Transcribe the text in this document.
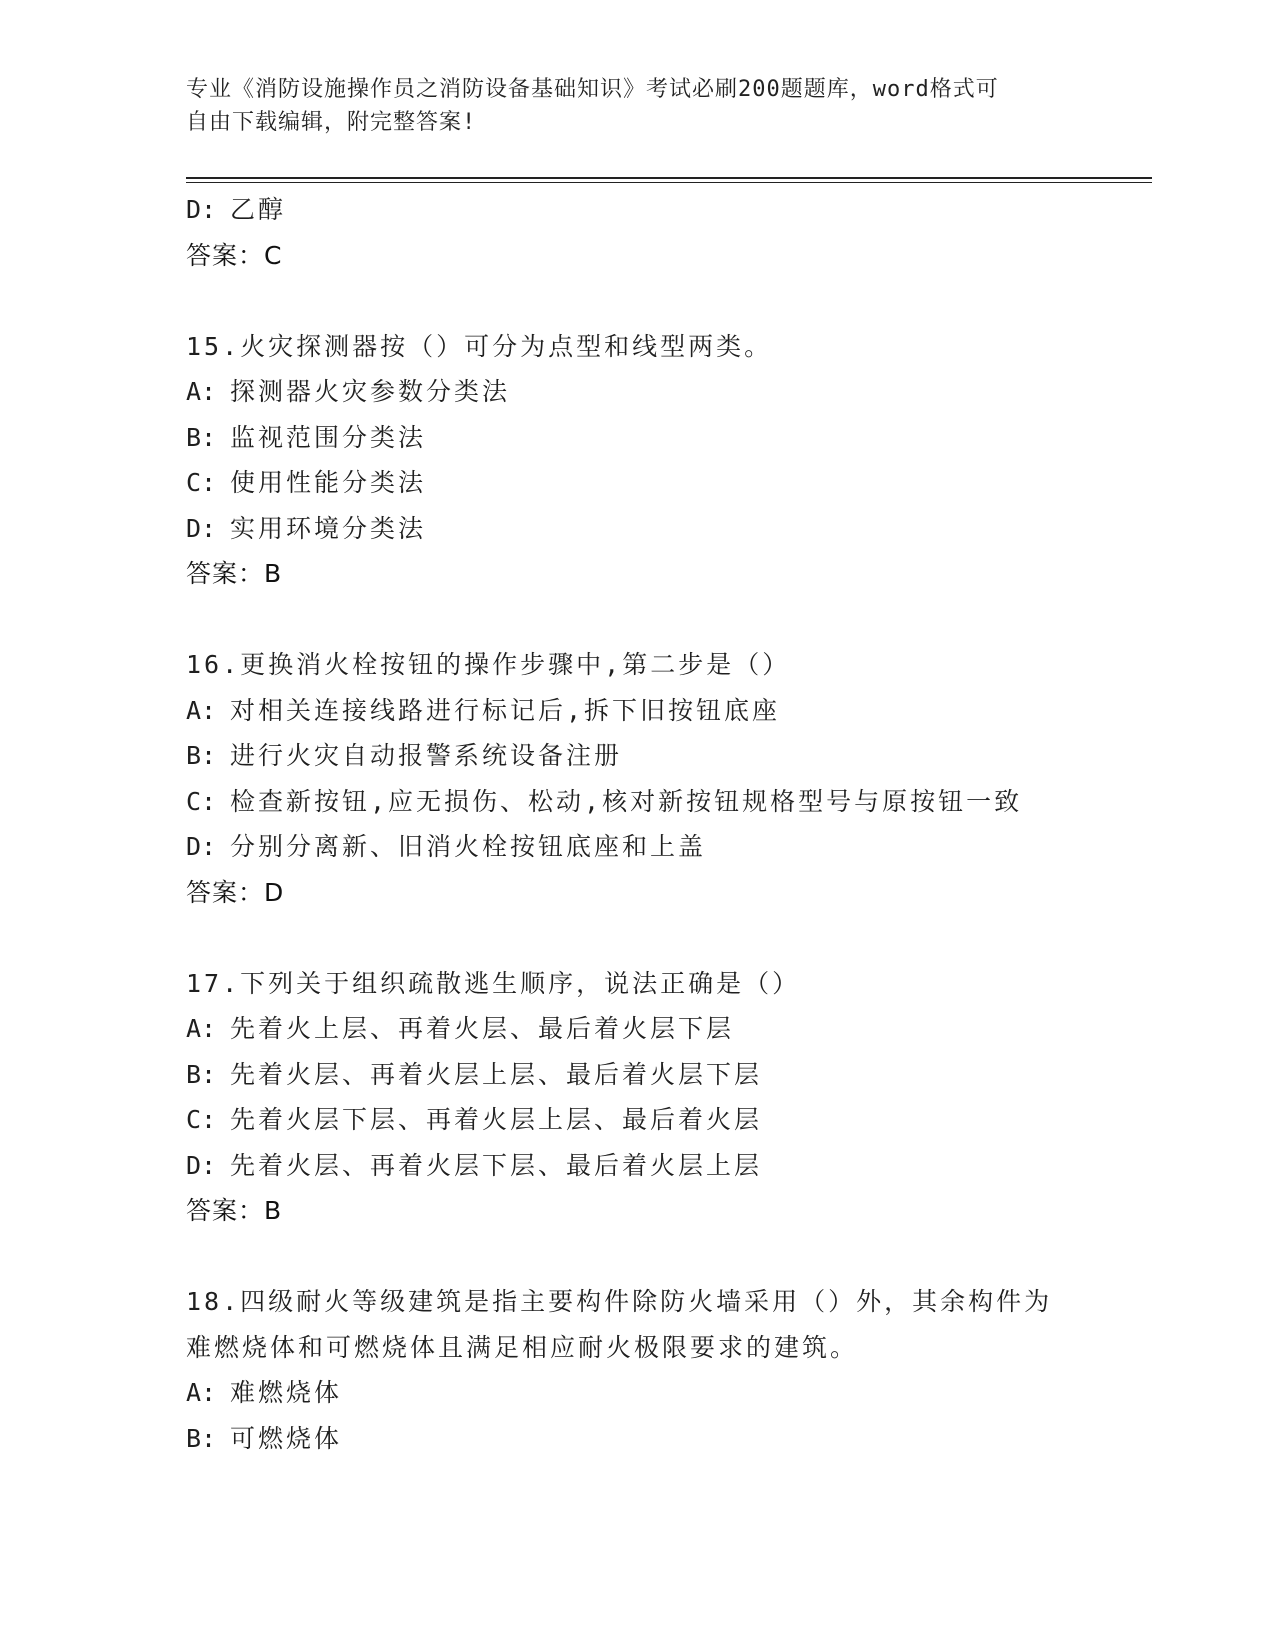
专业《消防设施操作员之消防设备基础知识》考试必刷200题题库，word格式可
自由下载编辑，附完整答案!
D: 乙醇
答案：C
15.火灾探测器按（）可分为点型和线型两类。
A: 探测器火灾参数分类法
B: 监视范围分类法
C: 使用性能分类法
D: 实用环境分类法
答案：B
16.更换消火栓按钮的操作步骤中,第二步是（）
A: 对相关连接线路进行标记后,拆下旧按钮底座
B: 进行火灾自动报警系统设备注册
C: 检查新按钮,应无损伤、松动,核对新按钮规格型号与原按钮一致
D: 分别分离新、旧消火栓按钮底座和上盖
答案：D
17.下列关于组织疏散逃生顺序，说法正确是（）
A: 先着火上层、再着火层、最后着火层下层
B: 先着火层、再着火层上层、最后着火层下层
C: 先着火层下层、再着火层上层、最后着火层
D: 先着火层、再着火层下层、最后着火层上层
答案：B
18.四级耐火等级建筑是指主要构件除防火墙采用（）外，其余构件为
难燃烧体和可燃烧体且满足相应耐火极限要求的建筑。
A: 难燃烧体
B: 可燃烧体
